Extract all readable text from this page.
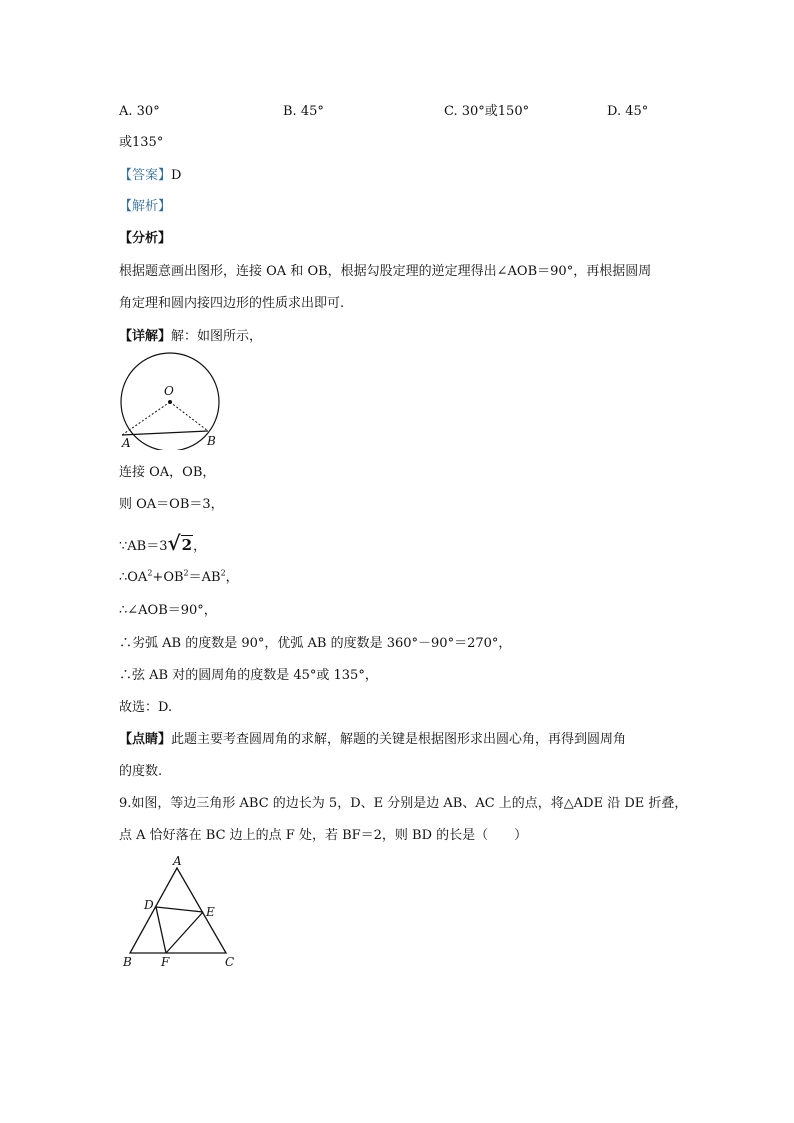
A. 30°	B. 45°	C. 30°或150°	D. 45°
或135°
【答案】D
【解析】
【分析】
根据题意画出图形，连接 OA 和 OB，根据勾股定理的逆定理得出∠AOB＝90°，再根据圆周
角定理和圆内接四边形的性质求出即可.
【详解】解：如图所示，
O
A	B
连接 OA，OB，
则 OA＝OB＝3，
∵AB＝3√2，
$\therefore OA^2+OB^2=AB^2$，
∴∠AOB＝90°，
∴劣弧 AB 的度数是 90°，优弧 AB 的度数是 360°－90°＝270°，
∴弦 AB 对的圆周角的度数是 45°或 135°，
故选：D.
【点睛】此题主要考查圆周角的求解，解题的关键是根据图形求出圆心角，再得到圆周角
的度数.
9.如图，等边三角形 ABC 的边长为 5，D、E 分别是边 AB、AC 上的点，将△ADE 沿 DE 折叠，
点 A 恰好落在 BC 边上的点 F 处，若 BF＝2，则 BD 的长是（　　）
A
D	E
B F	C
